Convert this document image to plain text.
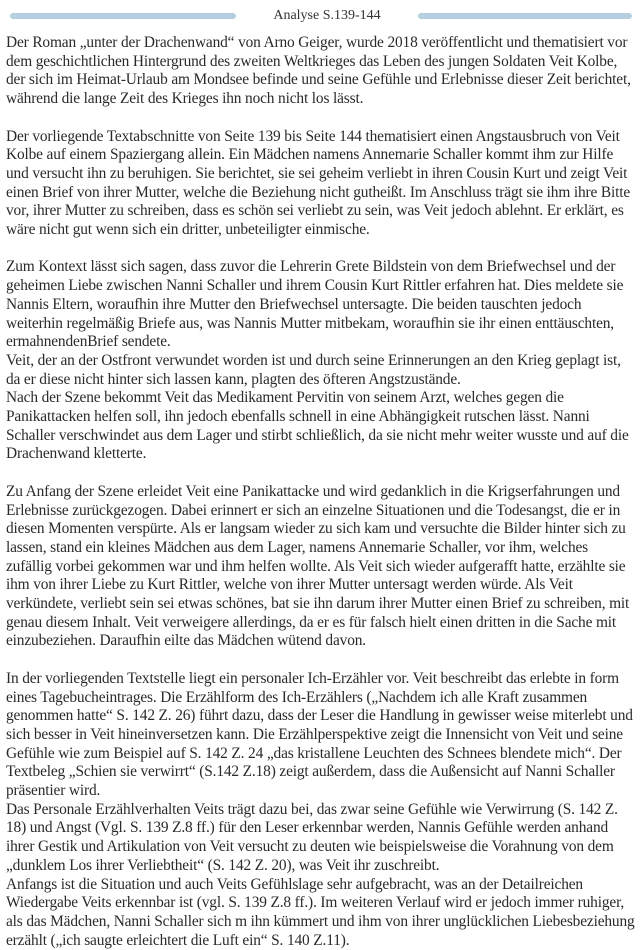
Analyse S.139-144

Der Roman „unter der Drachenwand“ von Arno Geiger, wurde 2018 veröffentlicht und thematisiert vor dem geschichtlichen Hintergrund des zweiten Weltkrieges das Leben des jungen Soldaten Veit Kolbe, der sich im Heimat-Urlaub am Mondsee befinde und seine Gefühle und Erlebnisse dieser Zeit berichtet, während die lange Zeit des Krieges ihn noch nicht los lässt.

Der vorliegende Textabschnitte von Seite 139 bis Seite 144 thematisiert einen Angstausbruch von Veit Kolbe auf einem Spaziergang allein. Ein Mädchen namens Annemarie Schaller kommt ihm zur Hilfe und versucht ihn zu beruhigen. Sie berichtet, sie sei geheim verliebt in ihren Cousin Kurt und zeigt Veit einen Brief von ihrer Mutter, welche die Beziehung nicht gutheißt. Im Anschluss trägt sie ihm ihre Bitte vor, ihrer Mutter zu schreiben, dass es schön sei verliebt zu sein, was Veit jedoch ablehnt. Er erklärt, es wäre nicht gut wenn sich ein dritter, unbeteiligter einmische.

Zum Kontext lässt sich sagen, dass zuvor die Lehrerin Grete Bildstein von dem Briefwechsel und der geheimen Liebe zwischen Nanni Schaller und ihrem Cousin Kurt Rittler erfahren hat. Dies meldete sie Nannis Eltern, woraufhin ihre Mutter den Briefwechsel untersagte. Die beiden tauschten jedoch weiterhin regelmäßig Briefe aus, was Nannis Mutter mitbekam, woraufhin sie ihr einen enttäuschten, ermahnendenBrief sendete.

Veit, der an der Ostfront verwundet worden ist und durch seine Erinnerungen an den Krieg geplagt ist, da er diese nicht hinter sich lassen kann, plagten des öfteren Angstzustände.

Nach der Szene bekommt Veit das Medikament Pervitin von seinem Arzt, welches gegen die Panikattacken helfen soll, ihn jedoch ebenfalls schnell in eine Abhängigkeit rutschen lässt. Nanni Schaller verschwindet aus dem Lager und stirbt schließlich, da sie nicht mehr weiter wusste und auf die Drachenwand kletterte.

Zu Anfang der Szene erleidet Veit eine Panikattacke und wird gedanklich in die Krigserfahrungen und Erlebnisse zurückgezogen. Dabei erinnert er sich an einzelne Situationen und die Todesangst, die er in diesen Momenten verspürte. Als er langsam wieder zu sich kam und versuchte die Bilder hinter sich zu lassen, stand ein kleines Mädchen aus dem Lager, namens Annemarie Schaller, vor ihm, welches zufällig vorbei gekommen war und ihm helfen wollte. Als Veit sich wieder aufgerafft hatte, erzählte sie ihm von ihrer Liebe zu Kurt Rittler, welche von ihrer Mutter untersagt werden würde. Als Veit verkündete, verliebt sein sei etwas schönes, bat sie ihn darum ihrer Mutter einen Brief zu schreiben, mit genau diesem Inhalt. Veit verweigere allerdings, da er es für falsch hielt einen dritten in die Sache mit einzubeziehen. Daraufhin eilte das Mädchen wütend davon.

In der vorliegenden Textstelle liegt ein personaler Ich-Erzähler vor. Veit beschreibt das erlebte in form eines Tagebucheintrages. Die Erzählform des Ich-Erzählers („Nachdem ich alle Kraft zusammen genommen hatte“ S. 142 Z. 26) führt dazu, dass der Leser die Handlung in gewisser weise miterlebt und sich besser in Veit hineinversetzen kann. Die Erzählperspektive zeigt die Innensicht von Veit und seine Gefühle wie zum Beispiel auf S. 142 Z. 24 „das kristallene Leuchten des Schnees blendete mich“. Der Textbeleg „Schien sie verwirrt“ (S.142 Z.18) zeigt außerdem, dass die Außensicht auf Nanni Schaller präsentier wird.

Das Personale Erzählverhalten Veits trägt dazu bei, das zwar seine Gefühle wie Verwirrung (S. 142 Z. 18) und Angst (Vgl. S. 139 Z.8 ff.) für den Leser erkennbar werden, Nannis Gefühle werden anhand ihrer Gestik und Artikulation von Veit versucht zu deuten wie beispielsweise die Vorahnung von dem „dunklem Los ihrer Verliebtheit“ (S. 142 Z. 20), was Veit ihr zuschreibt.

Anfangs ist die Situation und auch Veits Gefühlslage sehr aufgebracht, was an der Detailreichen Wiedergabe Veits erkennbar ist (vgl. S. 139 Z.8 ff.). Im weiteren Verlauf wird er jedoch immer ruhiger, als das Mädchen, Nanni Schaller sich m ihn kümmert und ihm von ihrer unglücklichen Liebesbeziehung erzählt („ich saugte erleichtert die Luft ein“ S. 140 Z.11).
